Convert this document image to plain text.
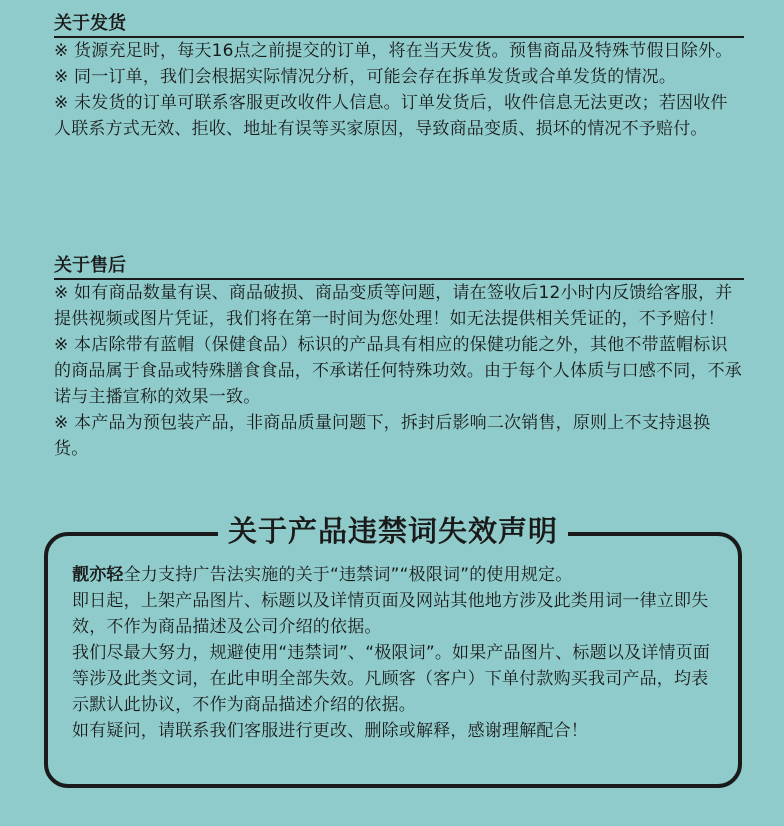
关于发货

※ 货源充足时，每天16点之前提交的订单，将在当天发货。预售商品及特殊节假日除外。

※ 同一订单，我们会根据实际情况分析，可能会存在拆单发货或合单发货的情况。

※ 未发货的订单可联系客服更改收件人信息。订单发货后，收件信息无法更改；若因收件人联系方式无效、拒收、地址有误等买家原因，导致商品变质、损坏的情况不予赔付。

关于售后

※ 如有商品数量有误、商品破损、商品变质等问题，请在签收后12小时内反馈给客服，并提供视频或图片凭证，我们将在第一时间为您处理！如无法提供相关凭证的，不予赔付！

※ 本店除带有蓝帽（保健食品）标识的产品具有相应的保健功能之外，其他不带蓝帽标识的商品属于食品或特殊膳食食品，不承诺任何特殊功效。由于每个人体质与口感不同，不承诺与主播宣称的效果一致。

※ 本产品为预包装产品，非商品质量问题下，拆封后影响二次销售，原则上不支持退换货。

关于产品违禁词失效声明

靓亦轻全力支持广告法实施的关于“违禁词”“极限词”的使用规定。

即日起，上架产品图片、标题以及详情页面及网站其他地方涉及此类用词一律立即失效，不作为商品描述及公司介绍的依据。

我们尽最大努力，规避使用“违禁词”、“极限词”。如果产品图片、标题以及详情页面等涉及此类文词，在此申明全部失效。凡顾客（客户）下单付款购买我司产品，均表示默认此协议，不作为商品描述介绍的依据。

如有疑问，请联系我们客服进行更改、删除或解释，感谢理解配合！
